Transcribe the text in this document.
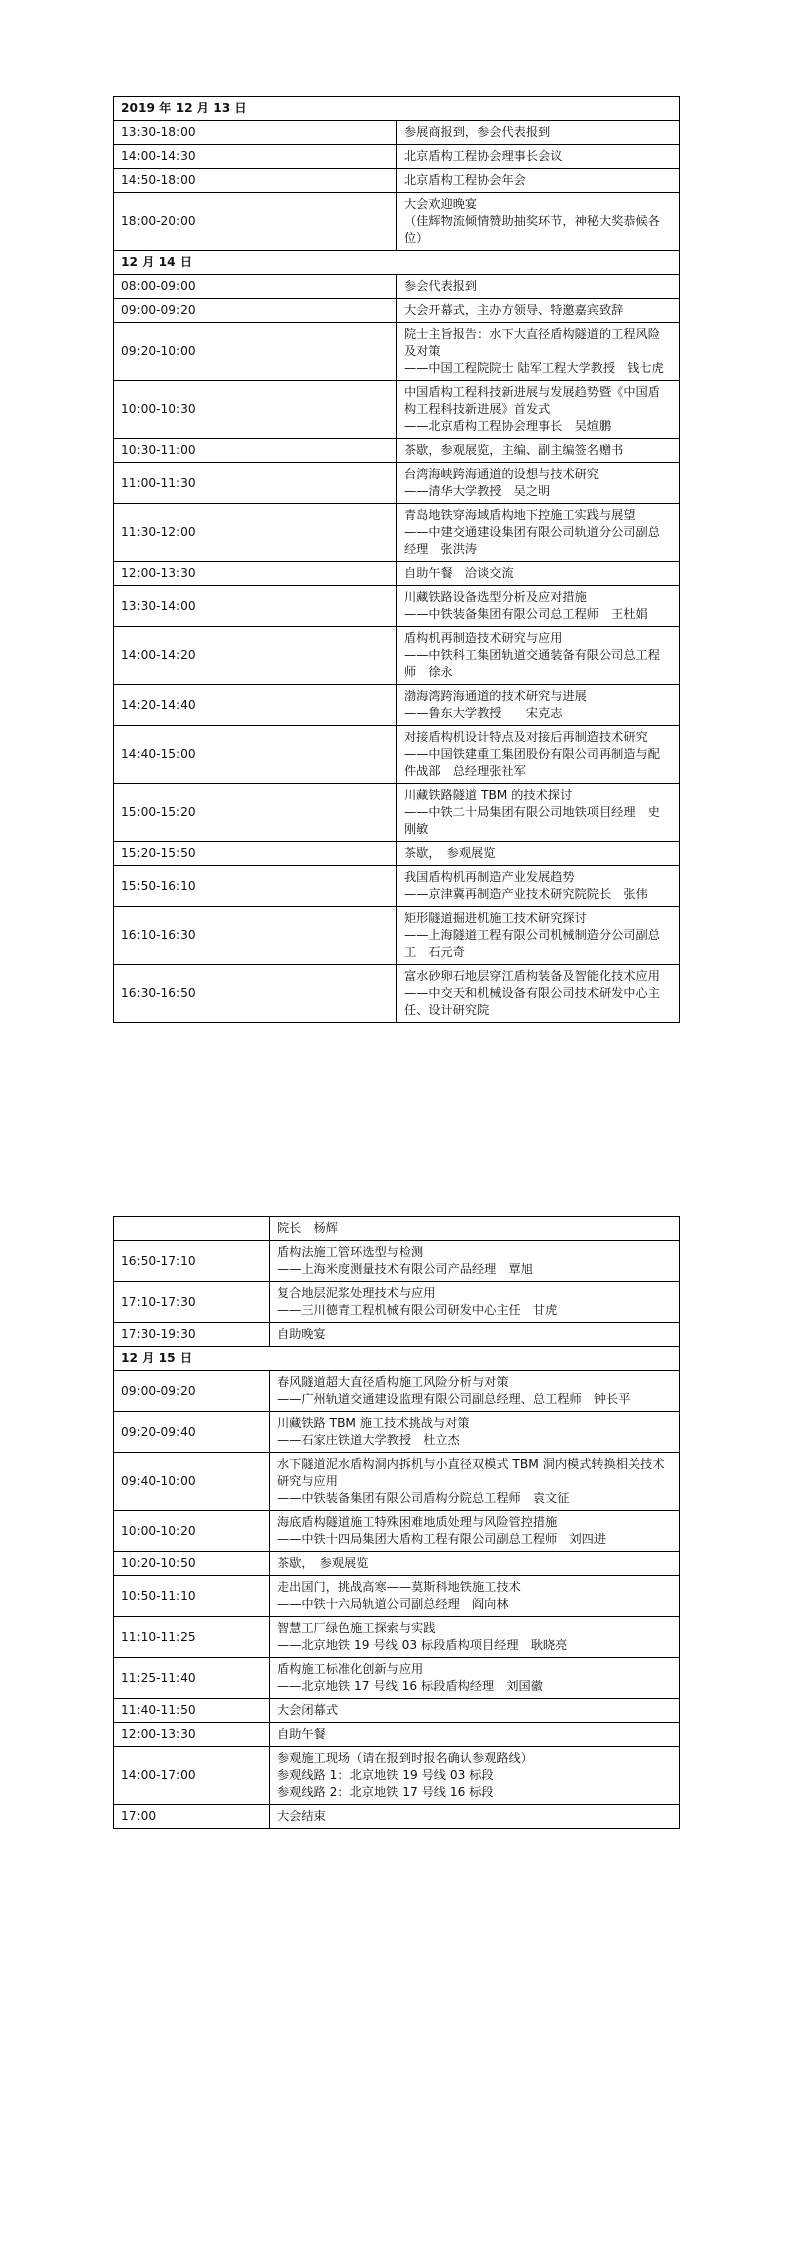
2019 年 12 月 13 日	
13:30-18:00	参展商报到，参会代表报到

14:00-14:30	北京盾构工程协会理事长会议

14:50-18:00	北京盾构工程协会年会

18:00-20:00	大会欢迎晚宴
（佳辉物流倾情赞助抽奖环节，神秘大奖恭候各位）

12 月 14 日	
08:00-09:00	参会代表报到

09:00-09:20	大会开幕式，主办方领导、特邀嘉宾致辞

09:20-10:00	院士主旨报告：水下大直径盾构隧道的工程风险及对策
——中国工程院院士 陆军工程大学教授　钱七虎

10:00-10:30	中国盾构工程科技新进展与发展趋势暨《中国盾构工程科技新进展》首发式
——北京盾构工程协会理事长　吴煊鹏

10:30-11:00	茶歇，参观展览，主编、副主编签名赠书

11:00-11:30	台湾海峡跨海通道的设想与技术研究
——清华大学教授　吴之明

11:30-12:00	青岛地铁穿海域盾构地下控施工实践与展望
——中建交通建设集团有限公司轨道分公司副总经理　张洪涛

12:00-13:30	自助午餐　洽谈交流

13:30-14:00	川藏铁路设备选型分析及应对措施
——中铁装备集团有限公司总工程师　王杜娟

14:00-14:20	盾构机再制造技术研究与应用
——中铁科工集团轨道交通装备有限公司总工程师　徐永

14:20-14:40	渤海湾跨海通道的技术研究与进展
——鲁东大学教授　　宋克志

14:40-15:00	对接盾构机设计特点及对接后再制造技术研究
——中国铁建重工集团股份有限公司再制造与配件战部　总经理张社军

15:00-15:20	川藏铁路隧道 TBM 的技术探讨
——中铁二十局集团有限公司地铁项目经理　史刚敏

15:20-15:50	茶歇，　参观展览

15:50-16:10	我国盾构机再制造产业发展趋势
——京津冀再制造产业技术研究院院长　张伟

16:10-16:30	矩形隧道掘进机施工技术研究探讨
——上海隧道工程有限公司机械制造分公司副总工　石元奇

16:30-16:50	富水砂卵石地层穿江盾构装备及智能化技术应用
——中交天和机械设备有限公司技术研发中心主任、设计研究院

	院长　杨辉

16:50-17:10	盾构法施工管环选型与检测
——上海米度测量技术有限公司产品经理　覃旭

17:10-17:30	复合地层泥浆处理技术与应用
——三川德青工程机械有限公司研发中心主任　甘虎

17:30-19:30	自助晚宴

12 月 15 日	
09:00-09:20	春风隧道超大直径盾构施工风险分析与对策
——广州轨道交通建设监理有限公司副总经理、总工程师　钟长平

09:20-09:40	川藏铁路 TBM 施工技术挑战与对策
——石家庄铁道大学教授　杜立杰

09:40-10:00	水下隧道泥水盾构洞内拆机与小直径双模式 TBM 洞内模式转换相关技术研究与应用
——中铁装备集团有限公司盾构分院总工程师　袁文征

10:00-10:20	海底盾构隧道施工特殊困难地质处理与风险管控措施
——中铁十四局集团大盾构工程有限公司副总工程师　刘四进

10:20-10:50	茶歇，　参观展览

10:50-11:10	走出国门，挑战高寒——莫斯科地铁施工技术
——中铁十六局轨道公司副总经理　阎向林

11:10-11:25	智慧工厂绿色施工探索与实践
——北京地铁 19 号线 03 标段盾构项目经理　耿晓亮

11:25-11:40	盾构施工标准化创新与应用
——北京地铁 17 号线 16 标段盾构经理　刘国徽

11:40-11:50	大会闭幕式

12:00-13:30	自助午餐

14:00-17:00	参观施工现场（请在报到时报名确认参观路线）
参观线路 1：北京地铁 19 号线 03 标段
参观线路 2：北京地铁 17 号线 16 标段

17:00	大会结束
